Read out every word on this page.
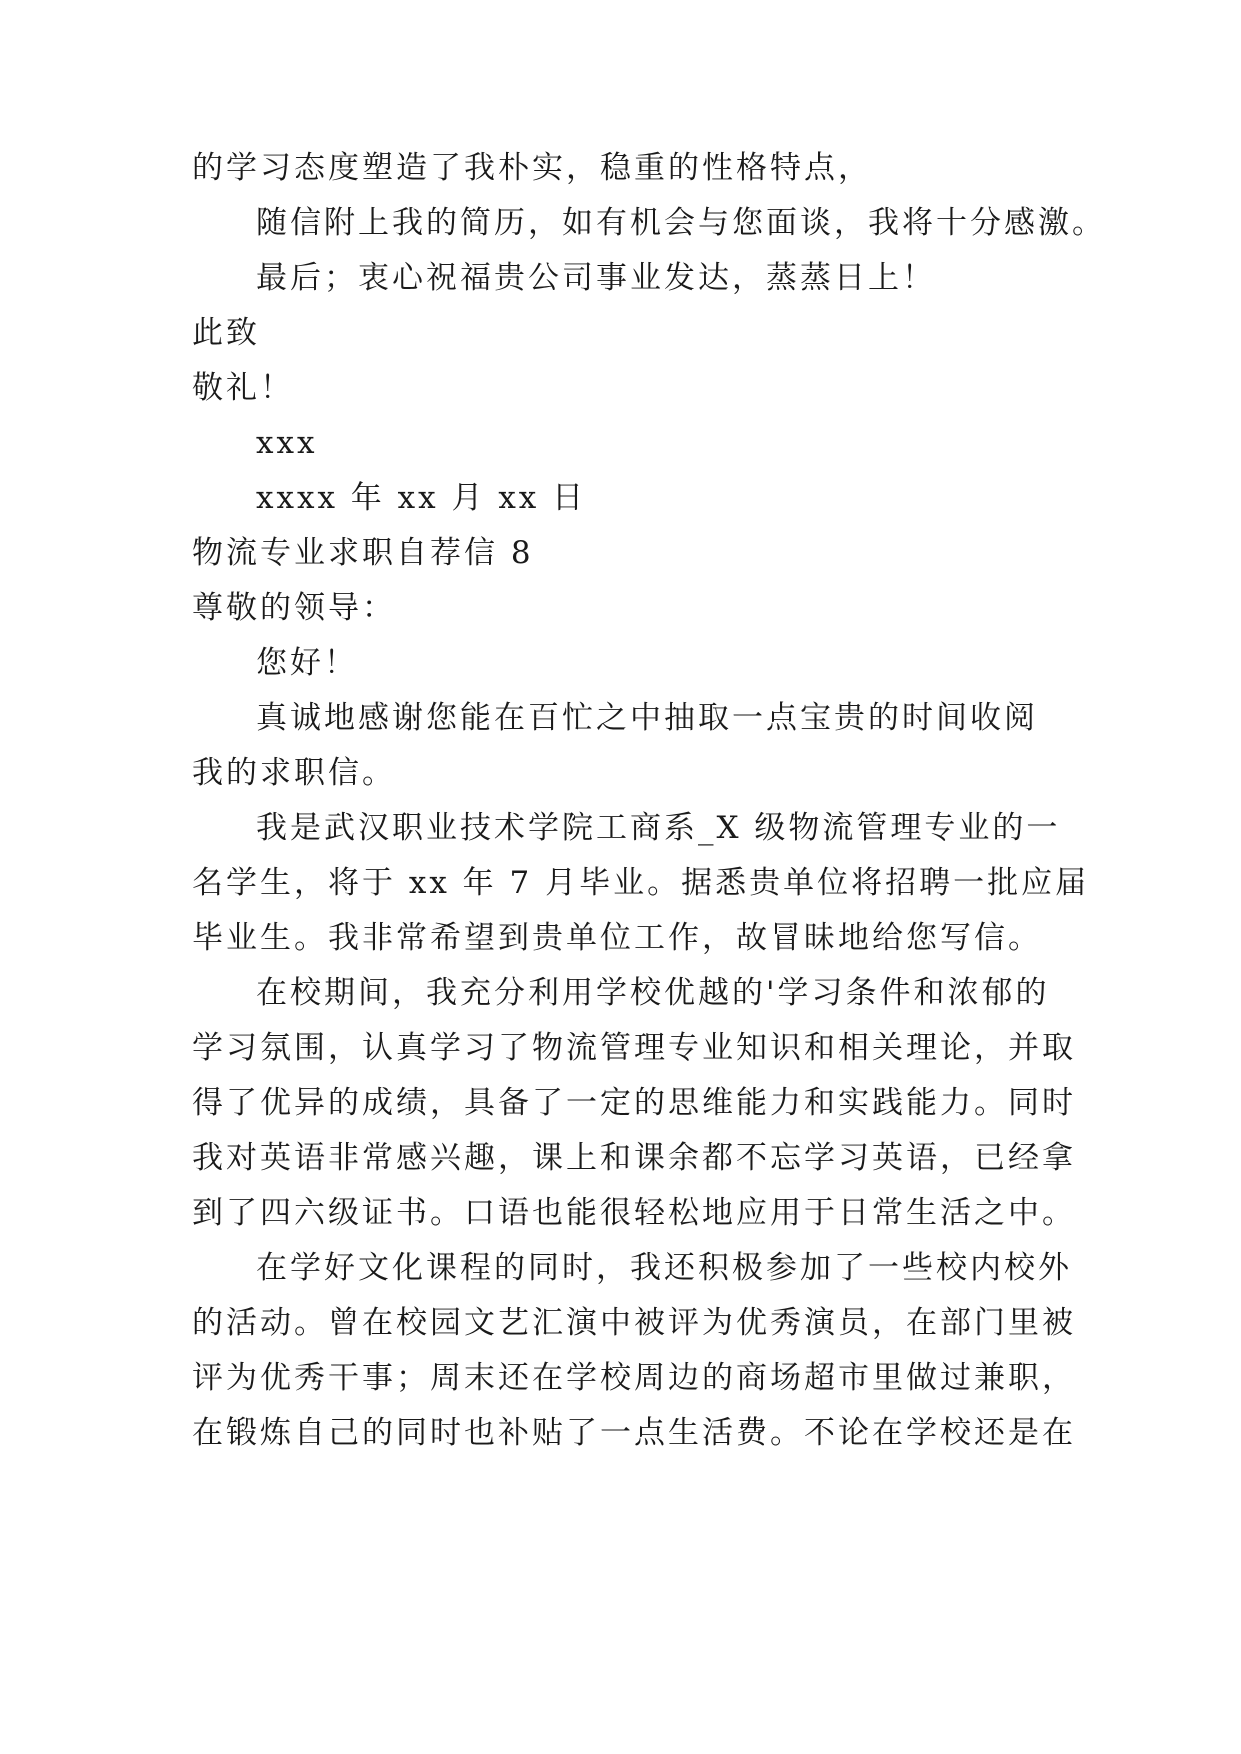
的学习态度塑造了我朴实，稳重的性格特点，
随信附上我的简历，如有机会与您面谈，我将十分感激。
最后；衷心祝福贵公司事业发达，蒸蒸日上！
此致
敬礼！
xxx
xxxx 年 xx 月 xx 日
物流专业求职自荐信 8
尊敬的领导：
您好！
真诚地感谢您能在百忙之中抽取一点宝贵的时间收阅
我的求职信。
我是武汉职业技术学院工商系_X 级物流管理专业的一
名学生，将于 xx 年 7 月毕业。据悉贵单位将招聘一批应届
毕业生。我非常希望到贵单位工作，故冒昧地给您写信。
在校期间，我充分利用学校优越的'学习条件和浓郁的
学习氛围，认真学习了物流管理专业知识和相关理论，并取
得了优异的成绩，具备了一定的思维能力和实践能力。同时
我对英语非常感兴趣，课上和课余都不忘学习英语，已经拿
到了四六级证书。口语也能很轻松地应用于日常生活之中。
在学好文化课程的同时，我还积极参加了一些校内校外
的活动。曾在校园文艺汇演中被评为优秀演员，在部门里被
评为优秀干事；周末还在学校周边的商场超市里做过兼职，
在锻炼自己的同时也补贴了一点生活费。不论在学校还是在
